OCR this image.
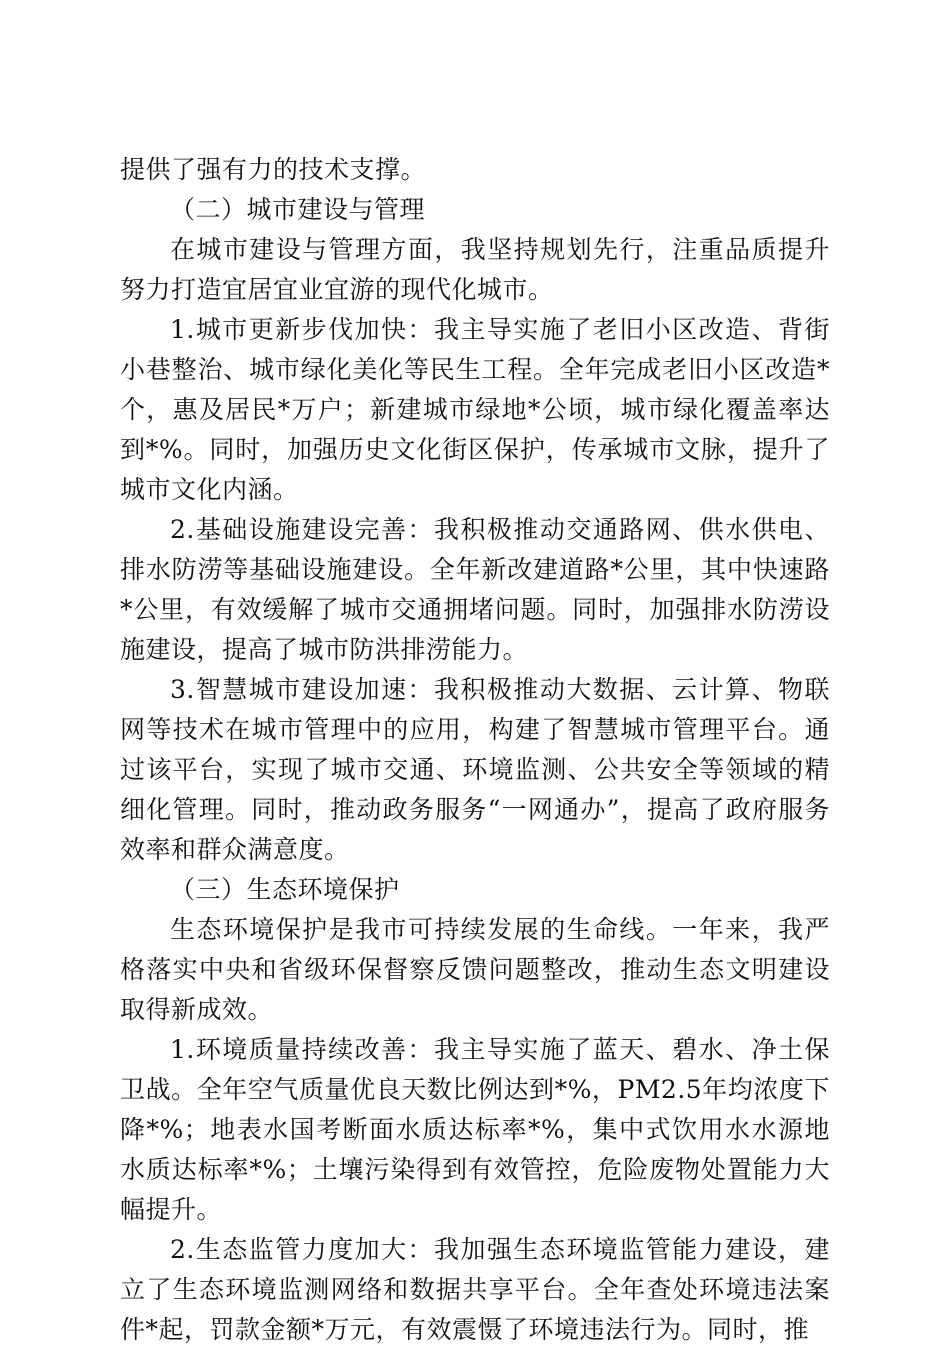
提供了强有力的技术支撑。

（二）城市建设与管理

在城市建设与管理方面，我坚持规划先行，注重品质提升努力打造宜居宜业宜游的现代化城市。

1.城市更新步伐加快：我主导实施了老旧小区改造、背街小巷整治、城市绿化美化等民生工程。全年完成老旧小区改造*个，惠及居民*万户；新建城市绿地*公顷，城市绿化覆盖率达到*%。同时，加强历史文化街区保护，传承城市文脉，提升了城市文化内涵。

2.基础设施建设完善：我积极推动交通路网、供水供电、排水防涝等基础设施建设。全年新改建道路*公里，其中快速路*公里，有效缓解了城市交通拥堵问题。同时，加强排水防涝设施建设，提高了城市防洪排涝能力。

3.智慧城市建设加速：我积极推动大数据、云计算、物联网等技术在城市管理中的应用，构建了智慧城市管理平台。通过该平台，实现了城市交通、环境监测、公共安全等领域的精细化管理。同时，推动政务服务“一网通办”，提高了政府服务效率和群众满意度。

（三）生态环境保护

生态环境保护是我市可持续发展的生命线。一年来，我严格落实中央和省级环保督察反馈问题整改，推动生态文明建设取得新成效。

1.环境质量持续改善：我主导实施了蓝天、碧水、净土保卫战。全年空气质量优良天数比例达到*%，PM2.5年均浓度下降*%；地表水国考断面水质达标率*%，集中式饮用水水源地水质达标率*%；土壤污染得到有效管控，危险废物处置能力大幅提升。

2.生态监管力度加大：我加强生态环境监管能力建设，建立了生态环境监测网络和数据共享平台。全年查处环境违法案件*起，罚款金额*万元，有效震慑了环境违法行为。同时，推
